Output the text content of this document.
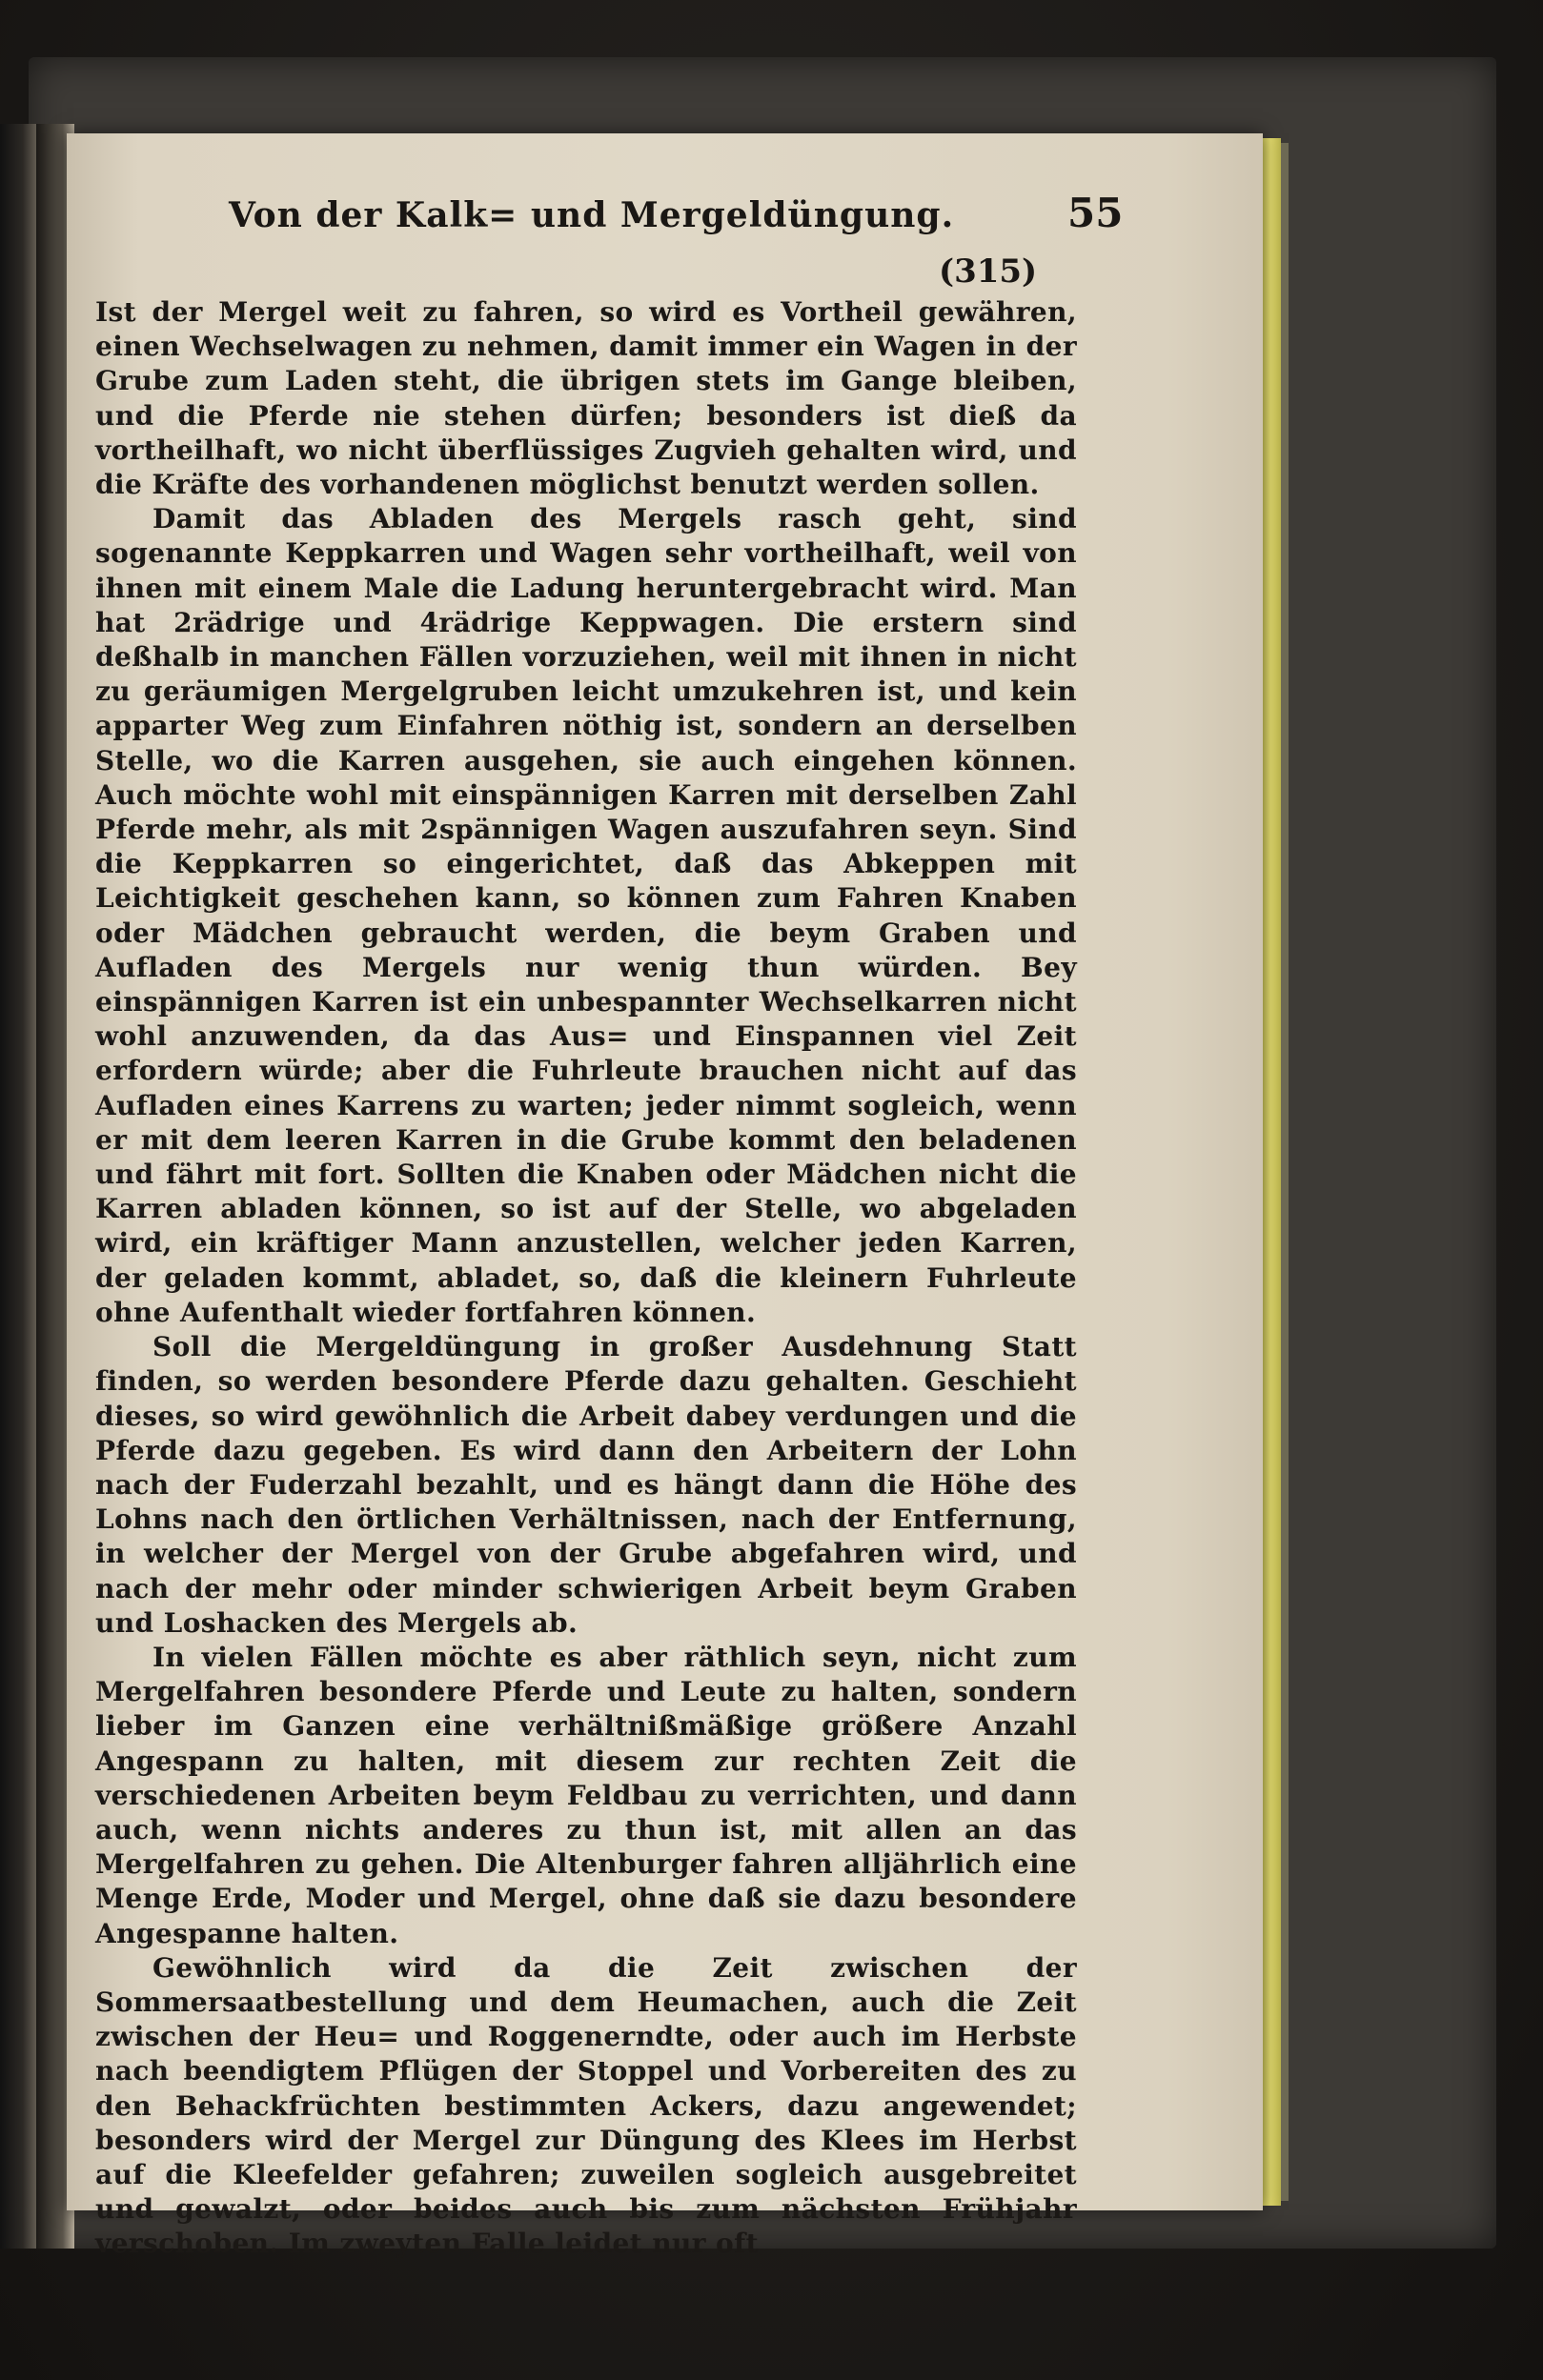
Von der Kalk= und Mergeldüngung.	55
(315)

Ist der Mergel weit zu fahren, so wird es Vortheil gewähren, einen Wechselwagen zu nehmen, damit immer ein Wagen in der Grube zum Laden steht, die übrigen stets im Gange bleiben, und die Pferde nie stehen dürfen; besonders ist dieß da vortheilhaft, wo nicht überflüssiges Zugvieh gehalten wird, und die Kräfte des vorhandenen möglichst benutzt werden sollen.

Damit das Abladen des Mergels rasch geht, sind sogenannte Keppkarren und Wagen sehr vortheilhaft, weil von ihnen mit einem Male die Ladung heruntergebracht wird. Man hat 2rädrige und 4rädrige Keppwagen. Die erstern sind deßhalb in manchen Fällen vorzuziehen, weil mit ihnen in nicht zu geräumigen Mergelgruben leicht umzukehren ist, und kein apparter Weg zum Einfahren nöthig ist, sondern an derselben Stelle, wo die Karren ausgehen, sie auch eingehen können. Auch möchte wohl mit einspännigen Karren mit derselben Zahl Pferde mehr, als mit 2spännigen Wagen auszufahren seyn. Sind die Keppkarren so eingerichtet, daß das Abkeppen mit Leichtigkeit geschehen kann, so können zum Fahren Knaben oder Mädchen gebraucht werden, die beym Graben und Aufladen des Mergels nur wenig thun würden. Bey einspännigen Karren ist ein unbespannter Wechselkarren nicht wohl anzuwenden, da das Aus= und Einspannen viel Zeit erfordern würde; aber die Fuhrleute brauchen nicht auf das Aufladen eines Karrens zu warten; jeder nimmt sogleich, wenn er mit dem leeren Karren in die Grube kommt den beladenen und fährt mit fort. Sollten die Knaben oder Mädchen nicht die Karren abladen können, so ist auf der Stelle, wo abgeladen wird, ein kräftiger Mann anzustellen, welcher jeden Karren, der geladen kommt, abladet, so, daß die kleinern Fuhrleute ohne Aufenthalt wieder fortfahren können.

Soll die Mergeldüngung in großer Ausdehnung Statt finden, so werden besondere Pferde dazu gehalten. Geschieht dieses, so wird gewöhnlich die Arbeit dabey verdungen und die Pferde dazu gegeben. Es wird dann den Arbeitern der Lohn nach der Fuderzahl bezahlt, und es hängt dann die Höhe des Lohns nach den örtlichen Verhältnissen, nach der Entfernung, in welcher der Mergel von der Grube abgefahren wird, und nach der mehr oder minder schwierigen Arbeit beym Graben und Loshacken des Mergels ab.

In vielen Fällen möchte es aber räthlich seyn, nicht zum Mergelfahren besondere Pferde und Leute zu halten, sondern lieber im Ganzen eine verhältnißmäßige größere Anzahl Angespann zu halten, mit diesem zur rechten Zeit die verschiedenen Arbeiten beym Feldbau zu verrichten, und dann auch, wenn nichts anderes zu thun ist, mit allen an das Mergelfahren zu gehen. Die Altenburger fahren alljährlich eine Menge Erde, Moder und Mergel, ohne daß sie dazu besondere Angespanne halten.

Gewöhnlich wird da die Zeit zwischen der Sommersaatbestellung und dem Heumachen, auch die Zeit zwischen der Heu= und Roggenerndte, oder auch im Herbste nach beendigtem Pflügen der Stoppel und Vorbereiten des zu den Behackfrüchten bestimmten Ackers, dazu angewendet; besonders wird der Mergel zur Düngung des Klees im Herbst auf die Kleefelder gefahren; zuweilen sogleich ausgebreitet und gewalzt, oder beides auch bis zum nächsten Frühjahr verschoben. Im zweyten Falle leidet nur oft
